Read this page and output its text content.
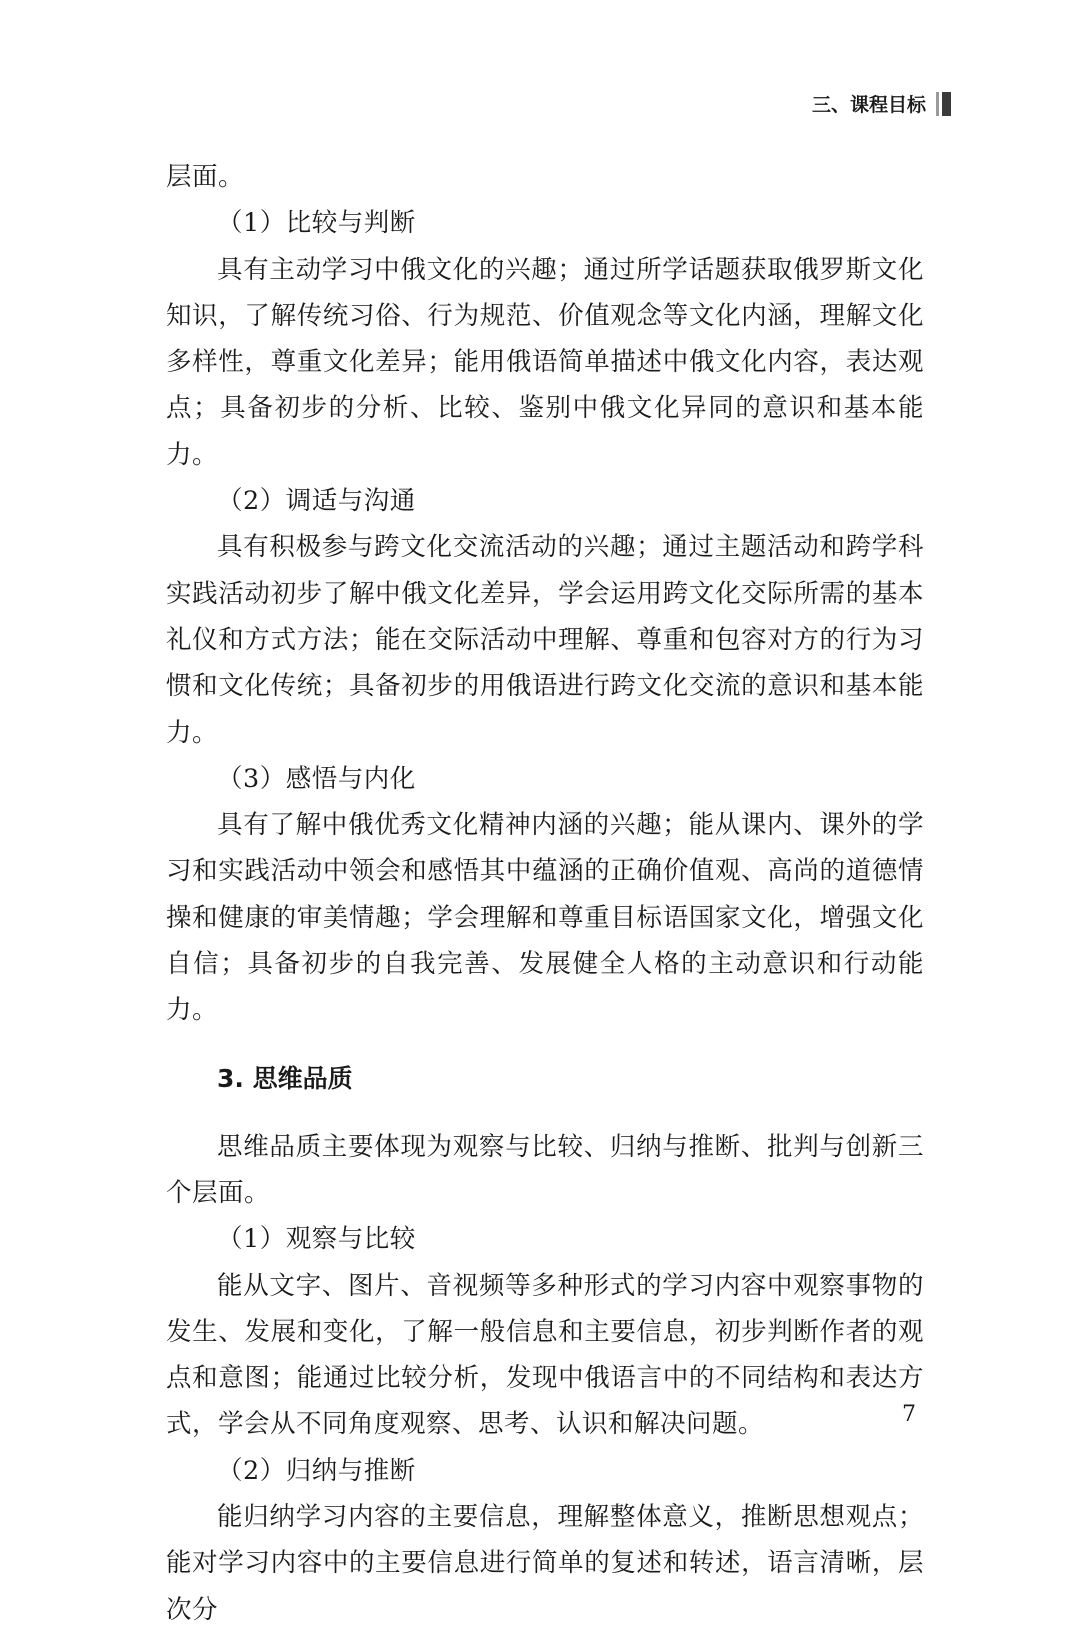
三、课程目标

层面。

（1）比较与判断

具有主动学习中俄文化的兴趣；通过所学话题获取俄罗斯文化知识，了解传统习俗、行为规范、价值观念等文化内涵，理解文化多样性，尊重文化差异；能用俄语简单描述中俄文化内容，表达观点；具备初步的分析、比较、鉴别中俄文化异同的意识和基本能力。

（2）调适与沟通

具有积极参与跨文化交流活动的兴趣；通过主题活动和跨学科实践活动初步了解中俄文化差异，学会运用跨文化交际所需的基本礼仪和方式方法；能在交际活动中理解、尊重和包容对方的行为习惯和文化传统；具备初步的用俄语进行跨文化交流的意识和基本能力。

（3）感悟与内化

具有了解中俄优秀文化精神内涵的兴趣；能从课内、课外的学习和实践活动中领会和感悟其中蕴涵的正确价值观、高尚的道德情操和健康的审美情趣；学会理解和尊重目标语国家文化，增强文化自信；具备初步的自我完善、发展健全人格的主动意识和行动能力。

3. 思维品质

思维品质主要体现为观察与比较、归纳与推断、批判与创新三个层面。

（1）观察与比较

能从文字、图片、音视频等多种形式的学习内容中观察事物的发生、发展和变化，了解一般信息和主要信息，初步判断作者的观点和意图；能通过比较分析，发现中俄语言中的不同结构和表达方式，学会从不同角度观察、思考、认识和解决问题。

（2）归纳与推断

能归纳学习内容的主要信息，理解整体意义，推断思想观点；能对学习内容中的主要信息进行简单的复述和转述，语言清晰，层次分

7
